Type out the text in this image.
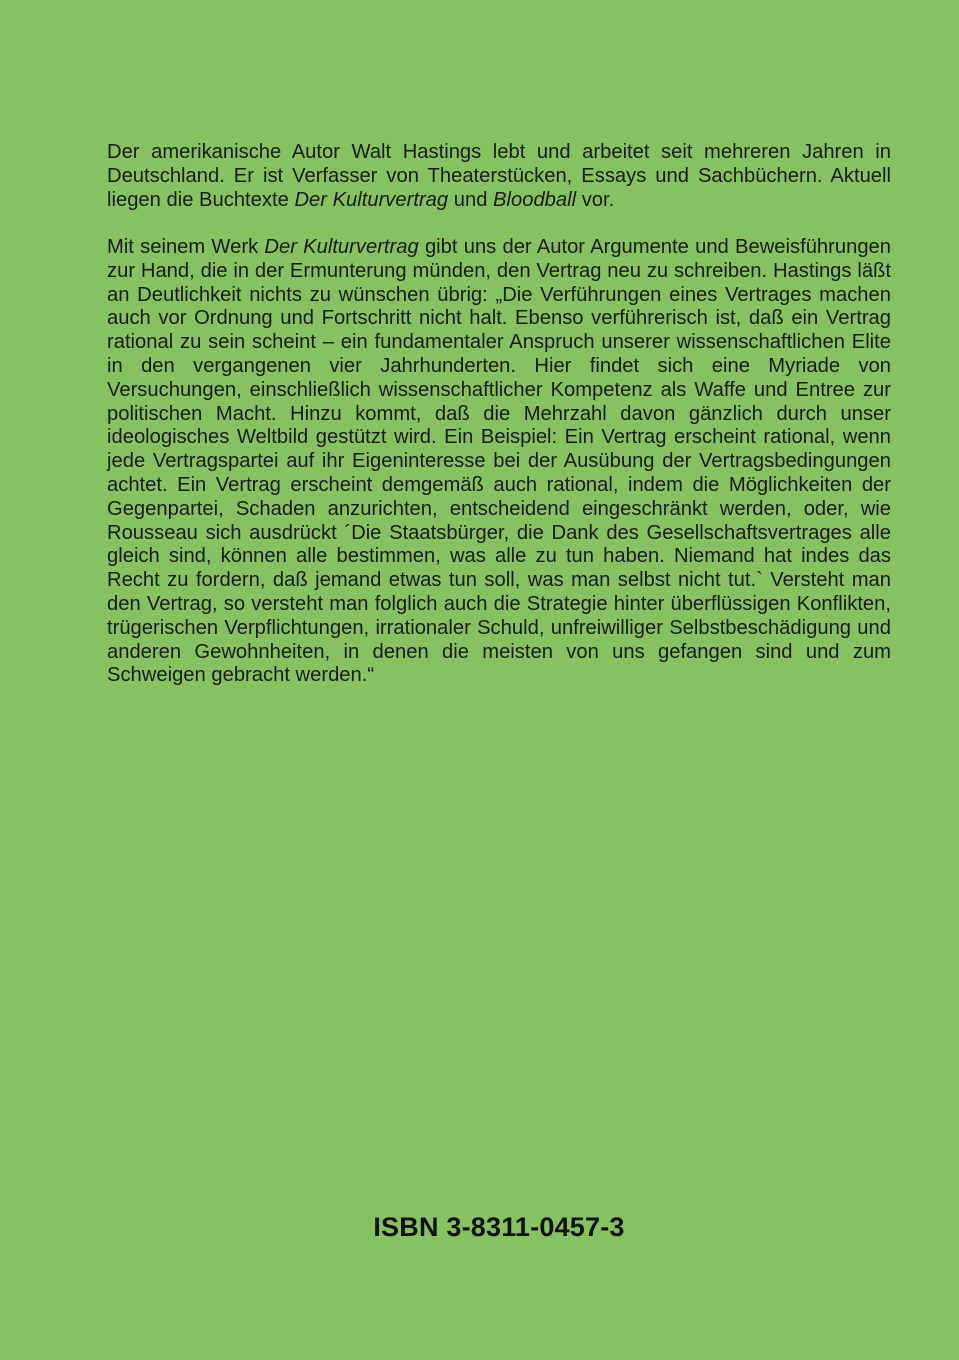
Der amerikanische Autor Walt Hastings lebt und arbeitet seit mehreren Jahren in Deutschland. Er ist Verfasser von Theaterstücken, Essays und Sachbüchern. Aktuell liegen die Buchtexte Der Kulturvertrag und Bloodball vor.

Mit seinem Werk Der Kulturvertrag gibt uns der Autor Argumente und Beweisführungen zur Hand, die in der Ermunterung münden, den Vertrag neu zu schreiben. Hastings läßt an Deutlichkeit nichts zu wünschen übrig: „Die Verführungen eines Vertrages machen auch vor Ordnung und Fortschritt nicht halt. Ebenso verführerisch ist, daß ein Vertrag rational zu sein scheint – ein fundamentaler Anspruch unserer wissenschaftlichen Elite in den vergangenen vier Jahrhunderten. Hier findet sich eine Myriade von Versuchungen, einschließlich wissenschaftlicher Kompetenz als Waffe und Entree zur politischen Macht. Hinzu kommt, daß die Mehrzahl davon gänzlich durch unser ideologisches Weltbild gestützt wird. Ein Beispiel: Ein Vertrag erscheint rational, wenn jede Vertragspartei auf ihr Eigeninteresse bei der Ausübung der Vertragsbedingungen achtet. Ein Vertrag erscheint demgemäß auch rational, indem die Möglichkeiten der Gegenpartei, Schaden anzurichten, entscheidend eingeschränkt werden, oder, wie Rousseau sich ausdrückt ´Die Staatsbürger, die Dank des Gesellschaftsvertrages alle gleich sind, können alle bestimmen, was alle zu tun haben. Niemand hat indes das Recht zu fordern, daß jemand etwas tun soll, was man selbst nicht tut.` Versteht man den Vertrag, so versteht man folglich auch die Strategie hinter überflüssigen Konflikten, trügerischen Verpflichtungen, irrationaler Schuld, unfreiwilliger Selbstbeschädigung und anderen Gewohnheiten, in denen die meisten von uns gefangen sind und zum Schweigen gebracht werden.“

ISBN 3-8311-0457-3
